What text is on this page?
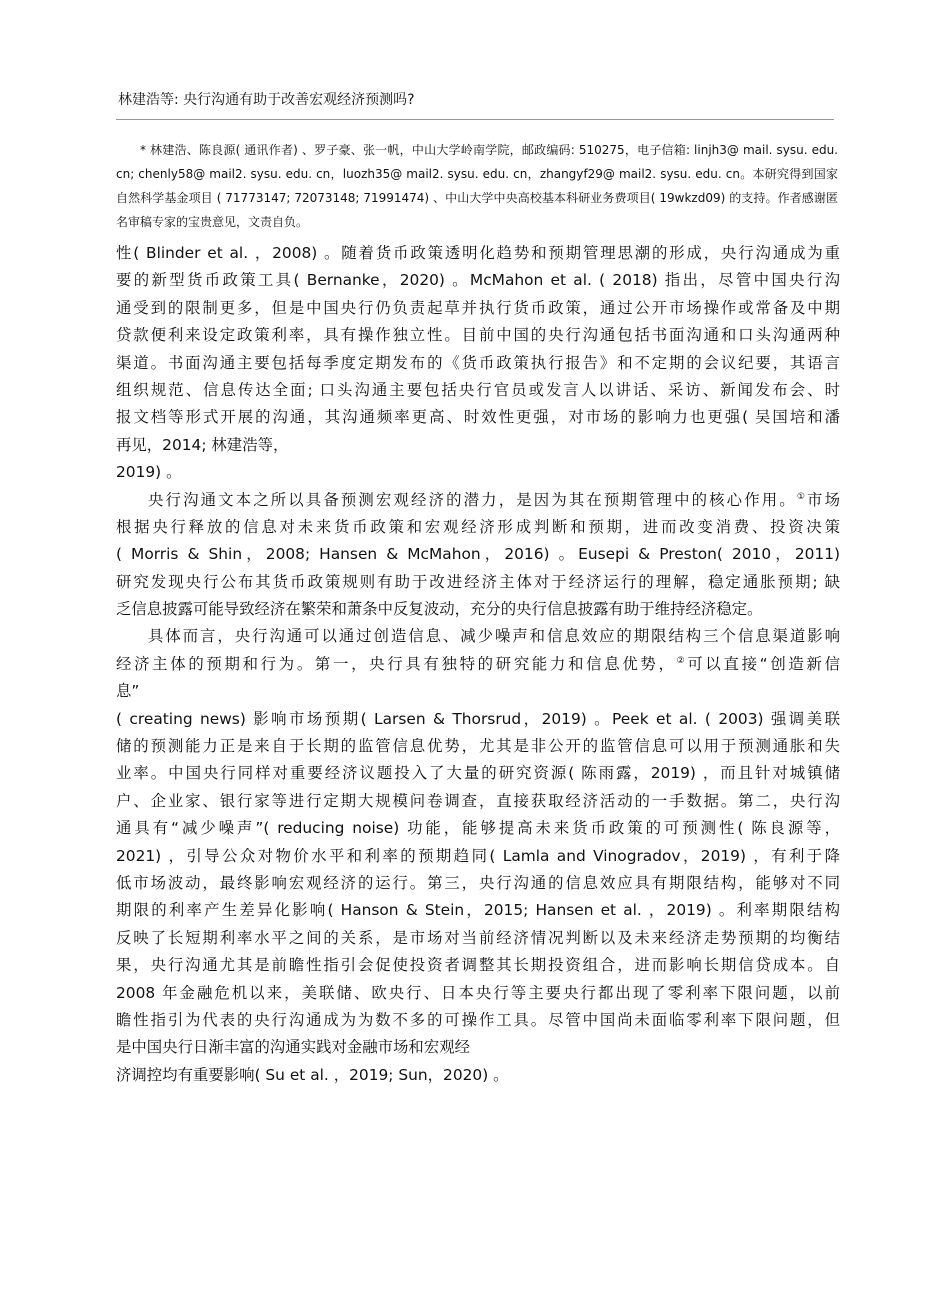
林建浩等: 央行沟通有助于改善宏观经济预测吗?

* 林建浩、陈良源( 通讯作者) 、罗子豪、张一帆，中山大学岭南学院，邮政编码: 510275，电子信箱: linjh3@ mail. sysu. edu. cn; chenly58@ mail2. sysu. edu. cn，luozh35@ mail2. sysu. edu. cn，zhangyf29@ mail2. sysu. edu. cn。本研究得到国家自然科学基金项目 ( 71773147; 72073148; 71991474) 、中山大学中央高校基本科研业务费项目( 19wkzd09) 的支持。作者感谢匿名审稿专家的宝贵意见，文责自负。

性( Blinder et al. ，2008) 。随着货币政策透明化趋势和预期管理思潮的形成，央行沟通成为重
要的新型货币政策工具( Bernanke，2020) 。McMahon et al. ( 2018) 指出，尽管中国央行沟
通受到的限制更多，但是中国央行仍负责起草并执行货币政策，通过公开市场操作或常备及中期
贷款便利来设定政策利率，具有操作独立性。目前中国的央行沟通包括书面沟通和口头沟通两种
渠道。书面沟通主要包括每季度定期发布的《货币政策执行报告》和不定期的会议纪要，其语言
组织规范、信息传达全面; 口头沟通主要包括央行官员或发言人以讲话、采访、新闻发布会、时
报文档等形式开展的沟通，其沟通频率更高、时效性更强，对市场的影响力也更强( 吴国培和潘
再见，2014; 林建浩等，
2019) 。
央行沟通文本之所以具备预测宏观经济的潜力，是因为其在预期管理中的核心作用。①市场
根据央行释放的信息对未来货币政策和宏观经济形成判断和预期，进而改变消费、投资决策
( Morris & Shin，2008; Hansen & McMahon，2016) 。Eusepi & Preston( 2010，2011)
研究发现央行公布其货币政策规则有助于改进经济主体对于经济运行的理解，稳定通胀预期; 缺
乏信息披露可能导致经济在繁荣和萧条中反复波动，充分的央行信息披露有助于维持经济稳定。
具体而言，央行沟通可以通过创造信息、减少噪声和信息效应的期限结构三个信息渠道影响
经济主体的预期和行为。第一，央行具有独特的研究能力和信息优势，②可以直接“创造新信
息”
( creating news) 影响市场预期( Larsen & Thorsrud，2019) 。Peek et al. ( 2003) 强调美联
储的预测能力正是来自于长期的监管信息优势，尤其是非公开的监管信息可以用于预测通胀和失
业率。中国央行同样对重要经济议题投入了大量的研究资源( 陈雨露，2019) ，而且针对城镇储
户、企业家、银行家等进行定期大规模问卷调查，直接获取经济活动的一手数据。第二，央行沟
通具有“减少噪声”( reducing noise) 功能，能够提高未来货币政策的可预测性( 陈良源等，
2021) ，引导公众对物价水平和利率的预期趋同( Lamla and Vinogradov，2019) ，有利于降
低市场波动，最终影响宏观经济的运行。第三，央行沟通的信息效应具有期限结构，能够对不同
期限的利率产生差异化影响( Hanson & Stein，2015; Hansen et al. ，2019) 。利率期限结构
反映了长短期利率水平之间的关系，是市场对当前经济情况判断以及未来经济走势预期的均衡结
果，央行沟通尤其是前瞻性指引会促使投资者调整其长期投资组合，进而影响长期信贷成本。自
2008 年金融危机以来，美联储、欧央行、日本央行等主要央行都出现了零利率下限问题，以前
瞻性指引为代表的央行沟通成为为数不多的可操作工具。尽管中国尚未面临零利率下限问题，但
是中国央行日渐丰富的沟通实践对金融市场和宏观经
济调控均有重要影响( Su et al. ，2019; Sun，2020) 。
